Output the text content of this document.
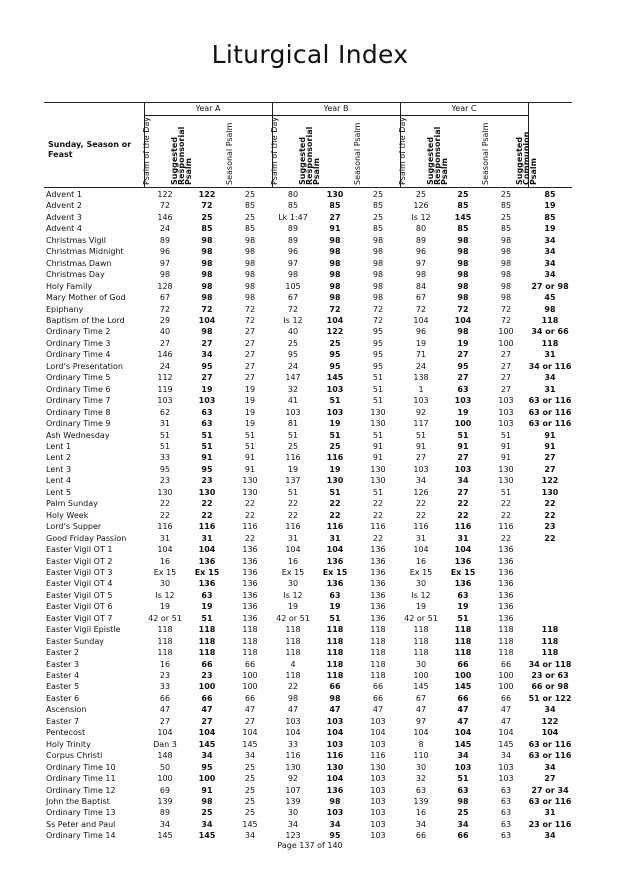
Liturgical Index
Sunday, Season or Feast
Year A	Year B	Year C
Psalm of the Day	Suggested Responsorial Psalm	Seasonal Psalm	Psalm of the Day	Suggested Responsorial Psalm	Seasonal Psalm	Psalm of the Day	Suggested Responsorial Psalm	Seasonal Psalm	Suggested Communion Psalm
Advent 1	122	122	25	80	130	25	25	25	25	85
Advent 2	72	72	85	85	85	85	126	85	85	19
Advent 3	146	25	25	Lk 1:47	27	25	Is 12	145	25	85
Advent 4	24	85	85	89	91	85	80	85	85	19
Christmas Vigil	89	98	98	89	98	98	89	98	98	34
Christmas Midnight	96	98	98	96	98	98	96	98	98	34
Christmas Dawn	97	98	98	97	98	98	97	98	98	34
Christmas Day	98	98	98	98	98	98	98	98	98	34
Holy Family	128	98	98	105	98	98	84	98	98	27 or 98
Mary Mother of God	67	98	98	67	98	98	67	98	98	45
Epiphany	72	72	72	72	72	72	72	72	72	98
Baptism of the Lord	29	104	72	Is 12	104	72	104	104	72	118
Ordinary Time 2	40	98	27	40	122	95	96	98	100	34 or 66
Ordinary Time 3	27	27	27	25	25	95	19	19	100	118
Ordinary Time 4	146	34	27	95	95	95	71	27	27	31
Lord’s Presentation	24	95	27	24	95	95	24	95	27	34 or 116
Ordinary Time 5	112	27	27	147	145	51	138	27	27	34
Ordinary Time 6	119	19	19	32	103	51	1	63	27	31
Ordinary Time 7	103	103	19	41	51	51	103	103	103	63 or 116
Ordinary Time 8	62	63	19	103	103	130	92	19	103	63 or 116
Ordinary Time 9	31	63	19	81	19	130	117	100	103	63 or 116
Ash Wednesday	51	51	51	51	51	51	51	51	51	91
Lent 1	51	51	51	25	25	91	91	91	91	91
Lent 2	33	91	91	116	116	91	27	27	91	27
Lent 3	95	95	91	19	19	130	103	103	130	27
Lent 4	23	23	130	137	130	130	34	34	130	122
Lent 5	130	130	130	51	51	51	126	27	51	130
Palm Sunday	22	22	22	22	22	22	22	22	22	22
Holy Week	22	22	22	22	22	22	22	22	22	22
Lord’s Supper	116	116	116	116	116	116	116	116	116	23
Good Friday Passion	31	31	22	31	31	22	31	31	22	22
Easter Vigil OT 1	104	104	136	104	104	136	104	104	136	
Easter Vigil OT 2	16	136	136	16	136	136	16	136	136	
Easter Vigil OT 3	Ex 15	Ex 15	136	Ex 15	Ex 15	136	Ex 15	Ex 15	136	
Easter Vigil OT 4	30	136	136	30	136	136	30	136	136	
Easter Vigil OT 5	Is 12	63	136	Is 12	63	136	Is 12	63	136	
Easter Vigil OT 6	19	19	136	19	19	136	19	19	136	
Easter Vigil OT 7	42 or 51	51	136	42 or 51	51	136	42 or 51	51	136	
Easter Vigil Epistle	118	118	118	118	118	118	118	118	118	118
Easter Sunday	118	118	118	118	118	118	118	118	118	118
Easter 2	118	118	118	118	118	118	118	118	118	118
Easter 3	16	66	66	4	118	118	30	66	66	34 or 118
Easter 4	23	23	100	118	118	118	100	100	100	23 or 63
Easter 5	33	100	100	22	66	66	145	145	100	66 or 98
Easter 6	66	66	66	98	98	66	67	66	66	51 or 122
Ascension	47	47	47	47	47	47	47	47	47	34
Easter 7	27	27	27	103	103	103	97	47	47	122
Pentecost	104	104	104	104	104	104	104	104	104	104
Holy Trinity	Dan 3	145	145	33	103	103	8	145	145	63 or 116
Corpus Christi	148	34	34	116	116	116	110	34	34	63 or 116
Ordinary Time 10	50	95	25	130	130	130	30	103	103	34
Ordinary Time 11	100	100	25	92	104	103	32	51	103	27
Ordinary Time 12	69	91	25	107	136	103	63	63	63	27 or 34
John the Baptist	139	98	25	139	98	103	139	98	63	63 or 116
Ordinary Time 13	89	25	25	30	103	103	16	25	63	31
Ss Peter and Paul	34	34	145	34	34	103	34	34	63	23 or 116
Ordinary Time 14	145	145	34	123	95	103	66	66	63	34
Page 137 of 140
